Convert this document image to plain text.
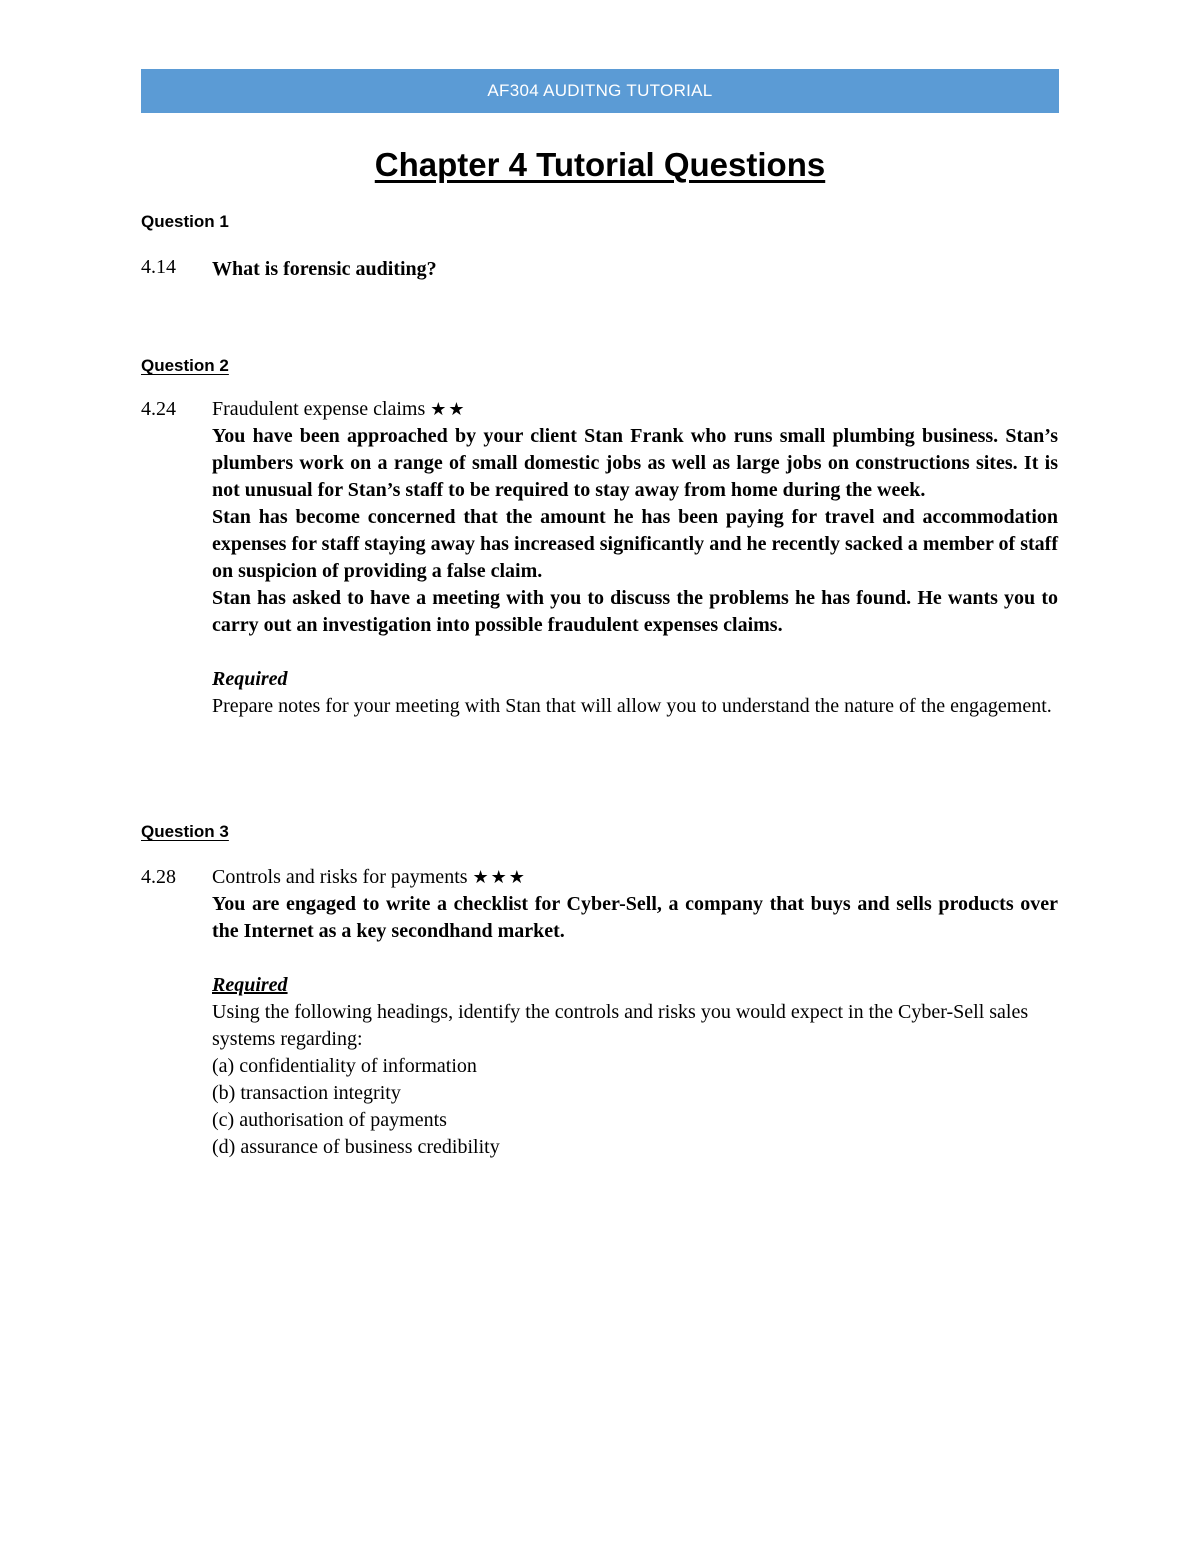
AF304 AUDITNG TUTORIAL
Chapter 4 Tutorial Questions
Question 1
4.14 What is forensic auditing?

Question 2
4.24 Fraudulent expense claims ★★

You have been approached by your client Stan Frank who runs small plumbing business. Stan’s plumbers work on a range of small domestic jobs as well as large jobs on constructions sites. It is not unusual for Stan’s staff to be required to stay away from home during the week.

Stan has become concerned that the amount he has been paying for travel and accommodation expenses for staff staying away has increased significantly and he recently sacked a member of staff on suspicion of providing a false claim.

Stan has asked to have a meeting with you to discuss the problems he has found. He wants you to carry out an investigation into possible fraudulent expenses claims.

Required

Prepare notes for your meeting with Stan that will allow you to understand the nature of the engagement.

Question 3
4.28 Controls and risks for payments ★★★

You are engaged to write a checklist for Cyber-Sell, a company that buys and sells products over the Internet as a key secondhand market.

Required

Using the following headings, identify the controls and risks you would expect in the Cyber-Sell sales systems regarding:

(a) confidentiality of information

(b) transaction integrity

(c) authorisation of payments

(d) assurance of business credibility
